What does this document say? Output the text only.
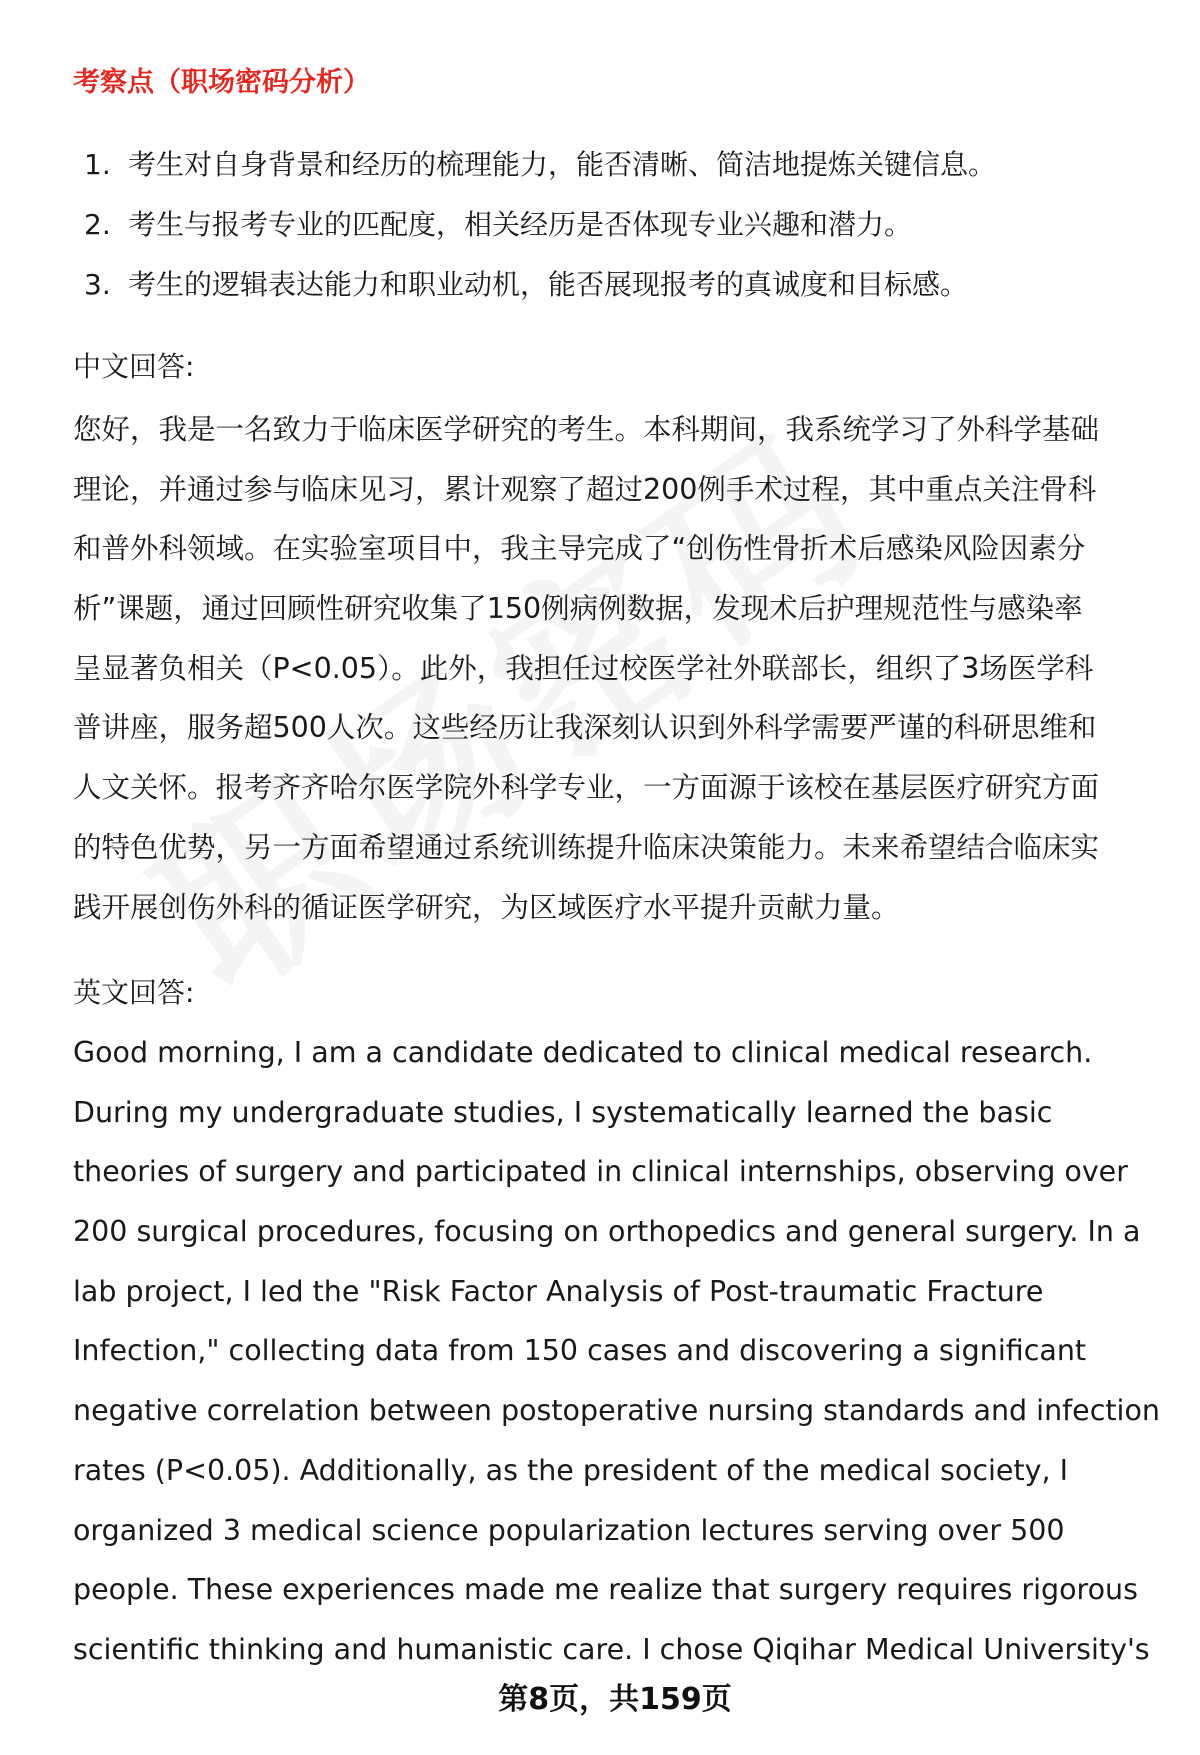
考察点（职场密码分析）
1. 考生对自身背景和经历的梳理能力，能否清晰、简洁地提炼关键信息。
2. 考生与报考专业的匹配度，相关经历是否体现专业兴趣和潜力。
3. 考生的逻辑表达能力和职业动机，能否展现报考的真诚度和目标感。
中文回答:
您好，我是一名致力于临床医学研究的考生。本科期间，我系统学习了外科学基础
理论，并通过参与临床见习，累计观察了超过200例手术过程，其中重点关注骨科
和普外科领域。在实验室项目中，我主导完成了“创伤性骨折术后感染风险因素分
析”课题，通过回顾性研究收集了150例病例数据，发现术后护理规范性与感染率
呈显著负相关（P<0.05）。此外，我担任过校医学社外联部长，组织了3场医学科
普讲座，服务超500人次。这些经历让我深刻认识到外科学需要严谨的科研思维和
人文关怀。报考齐齐哈尔医学院外科学专业，一方面源于该校在基层医疗研究方面
的特色优势，另一方面希望通过系统训练提升临床决策能力。未来希望结合临床实
践开展创伤外科的循证医学研究，为区域医疗水平提升贡献力量。
英文回答:
Good morning, I am a candidate dedicated to clinical medical research.
During my undergraduate studies, I systematically learned the basic
theories of surgery and participated in clinical internships, observing over
200 surgical procedures, focusing on orthopedics and general surgery. In a
lab project, I led the "Risk Factor Analysis of Post-traumatic Fracture
Infection," collecting data from 150 cases and discovering a significant
negative correlation between postoperative nursing standards and infection
rates (P<0.05). Additionally, as the president of the medical society, I
organized 3 medical science popularization lectures serving over 500
people. These experiences made me realize that surgery requires rigorous
scientific thinking and humanistic care. I chose Qiqihar Medical University's
第8页，共159页
